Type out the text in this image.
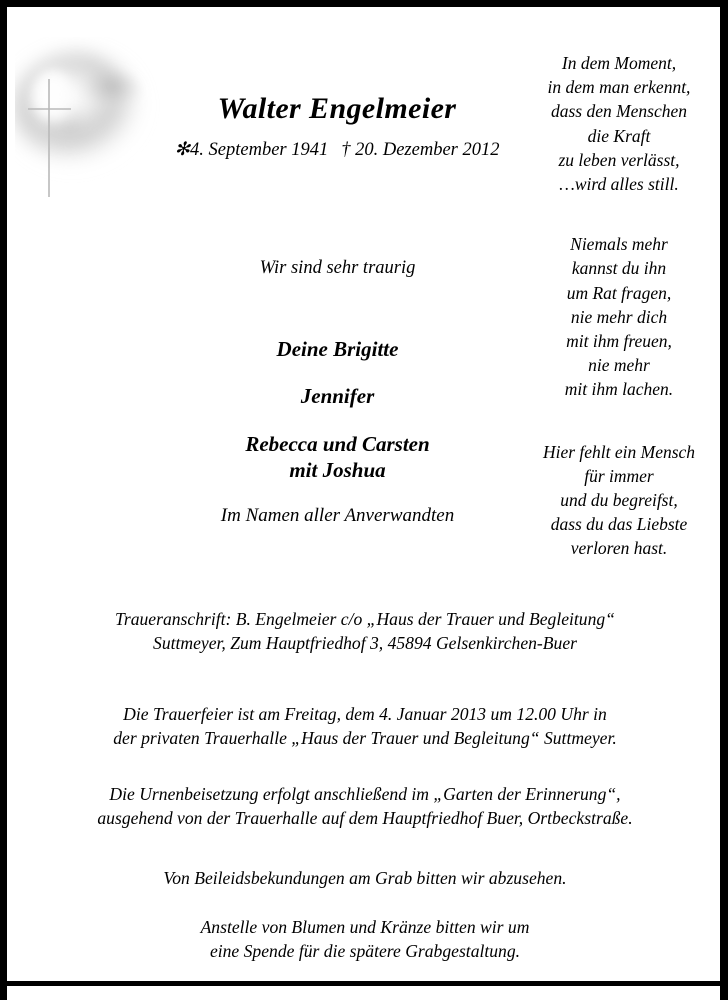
Walter Engelmeier
✻4. September 1941 † 20. Dezember 2012
In dem Moment,
in dem man erkennt,
dass den Menschen
die Kraft
zu leben verlässt,
…wird alles still.
Niemals mehr
kannst du ihn
um Rat fragen,
nie mehr dich
mit ihm freuen,
nie mehr
mit ihm lachen.
Hier fehlt ein Mensch
für immer
und du begreifst,
dass du das Liebste
verloren hast.
Wir sind sehr traurig
Deine Brigitte
Jennifer
Rebecca und Carsten
mit Joshua
Im Namen aller Anverwandten

Traueranschrift: B. Engelmeier c/o „Haus der Trauer und Begleitung“

Suttmeyer, Zum Hauptfriedhof 3, 45894 Gelsenkirchen-Buer

Die Trauerfeier ist am Freitag, dem 4. Januar 2013 um 12.00 Uhr in

der privaten Trauerhalle „Haus der Trauer und Begleitung“ Suttmeyer.

Die Urnenbeisetzung erfolgt anschließend im „Garten der Erinnerung“,

ausgehend von der Trauerhalle auf dem Hauptfriedhof Buer, Ortbeckstraße.

Von Beileidsbekundungen am Grab bitten wir abzusehen.

Anstelle von Blumen und Kränze bitten wir um

eine Spende für die spätere Grabgestaltung.
